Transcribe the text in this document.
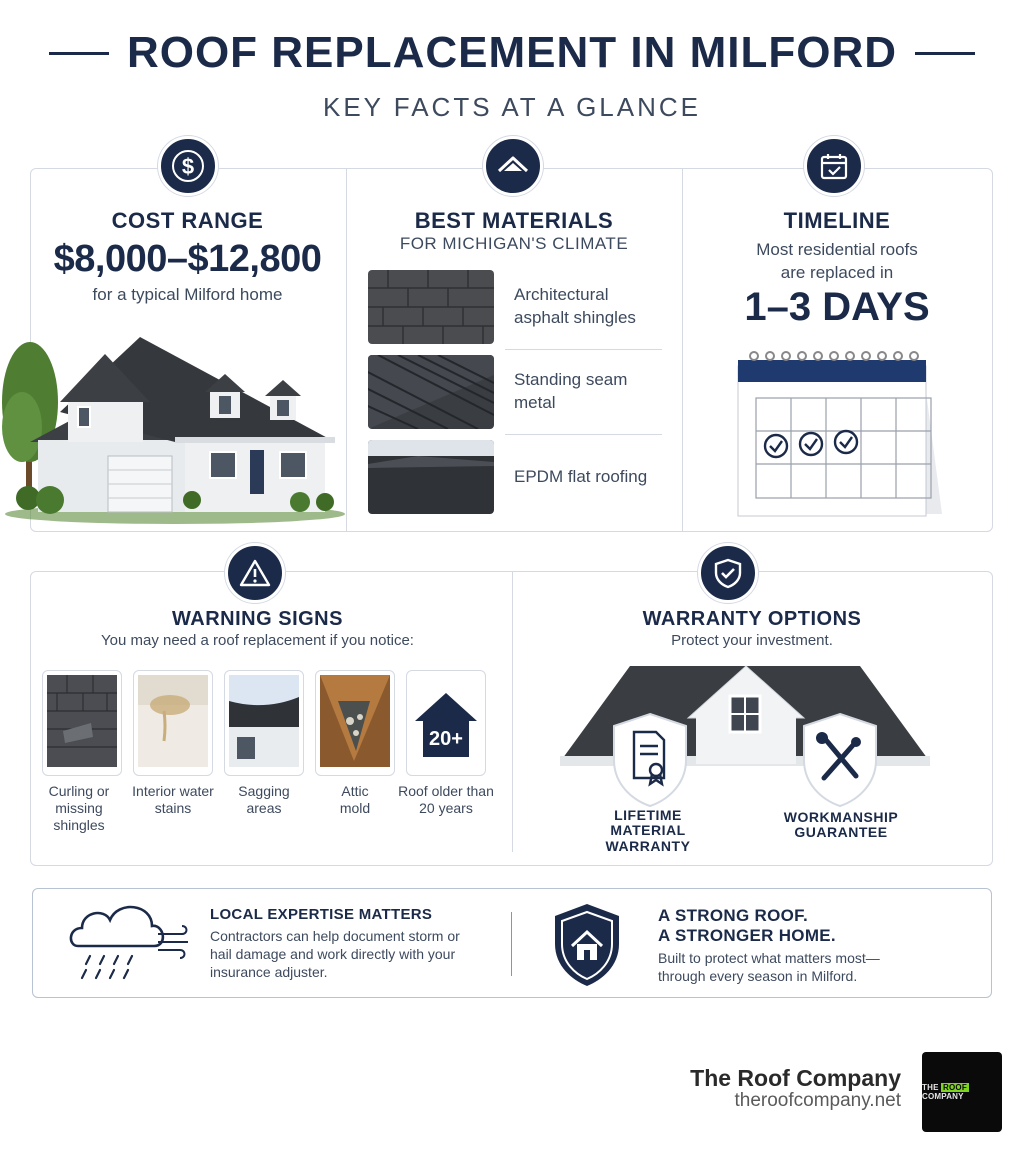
ROOF REPLACEMENT IN MILFORD
KEY FACTS AT A GLANCE
$
COST RANGE
$8,000–$12,800
for a typical Milford home
BEST MATERIALS
FOR MICHIGAN'S CLIMATE
Architectural asphalt shingles
Standing seam metal
EPDM flat roofing
TIMELINE
Most residential roofs
are replaced in
1–3 DAYS
WARNING SIGNS
You may need a roof replacement if you notice:
20+
Curling or missing shingles
Interior water stains
Sagging areas
Attic mold
Roof older than 20 years
WARRANTY OPTIONS
Protect your investment.
LIFETIME MATERIAL WARRANTY
WORKMANSHIP GUARANTEE
LOCAL EXPERTISE MATTERS
Contractors can help document storm or hail damage and work directly with your insurance adjuster.
A STRONG ROOF.
A STRONGER HOME.
Built to protect what matters most—through every season in Milford.
The Roof Company
theroofcompany.net
THE ROOF COMPANY
